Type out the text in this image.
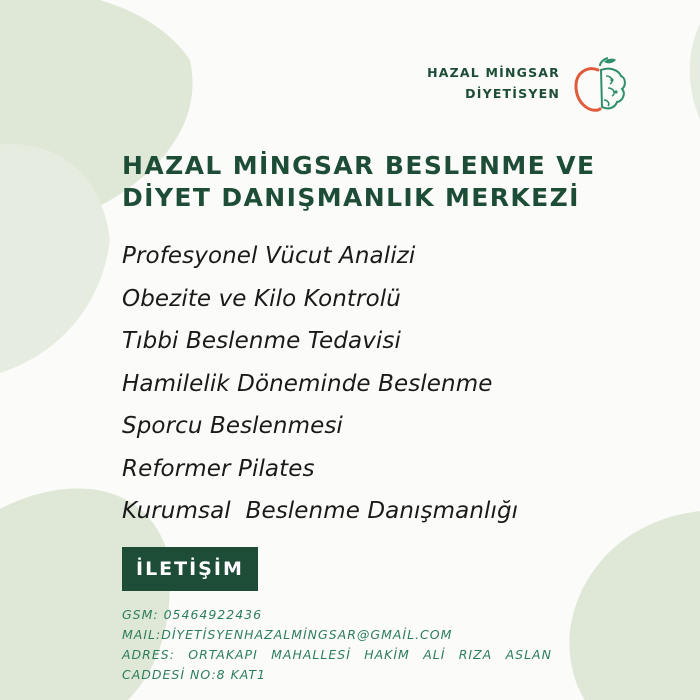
HAZAL MİNGSAR
DİYETİSYEN
HAZAL MİNGSAR BESLENME VE DİYET DANIŞMANLIK MERKEZİ
Profesyonel Vücut Analizi
Obezite ve Kilo Kontrolü
Tıbbi Beslenme Tedavisi
Hamilelik Döneminde Beslenme
Sporcu Beslenmesi
Reformer Pilates
Kurumsal  Beslenme Danışmanlığı
İLETİŞİM
GSM: 05464922436
MAIL:DİYETİSYENHAZALMİNGSAR@GMAİL.COM
ADRES: ORTAKAPI MAHALLESİ HAKİM ALİ RIZA ASLAN
CADDESİ NO:8 KAT1
